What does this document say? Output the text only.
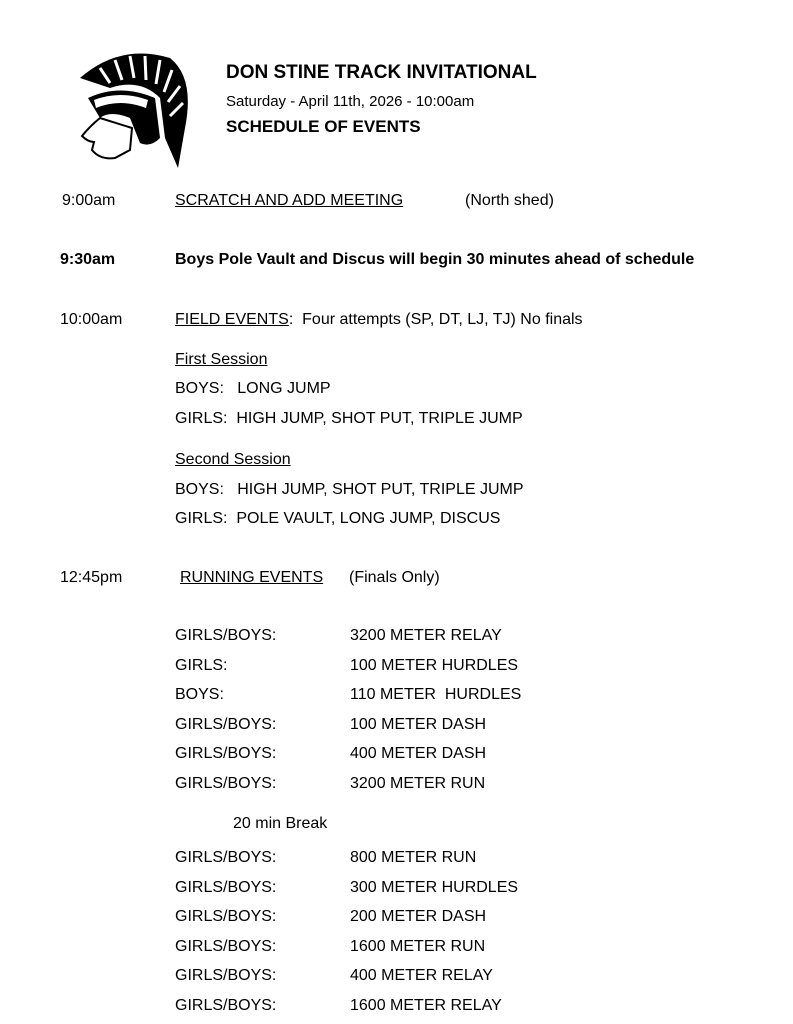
DON STINE TRACK INVITATIONAL
Saturday - April 11th, 2026 - 10:00am
SCHEDULE OF EVENTS
9:00am	SCRATCH AND ADD MEETING	(North shed)
9:30am	Boys Pole Vault and Discus will begin 30 minutes ahead of schedule
10:00am	FIELD EVENTS:  Four attempts (SP, DT, LJ, TJ) No finals
First Session
BOYS:   LONG JUMP
GIRLS:  HIGH JUMP, SHOT PUT, TRIPLE JUMP
Second Session
BOYS:   HIGH JUMP, SHOT PUT, TRIPLE JUMP
GIRLS:  POLE VAULT, LONG JUMP, DISCUS
12:45pm	RUNNING EVENTS (Finals Only)
20 min Break
GIRLS/BOYS:	3200 METER RELAY
GIRLS:	100 METER HURDLES
BOYS:	110 METER  HURDLES
GIRLS/BOYS:	100 METER DASH
GIRLS/BOYS:	400 METER DASH
GIRLS/BOYS:	3200 METER RUN
GIRLS/BOYS:	800 METER RUN
GIRLS/BOYS:	300 METER HURDLES
GIRLS/BOYS:	200 METER DASH
GIRLS/BOYS:	1600 METER RUN
GIRLS/BOYS:	400 METER RELAY
GIRLS/BOYS:	1600 METER RELAY
